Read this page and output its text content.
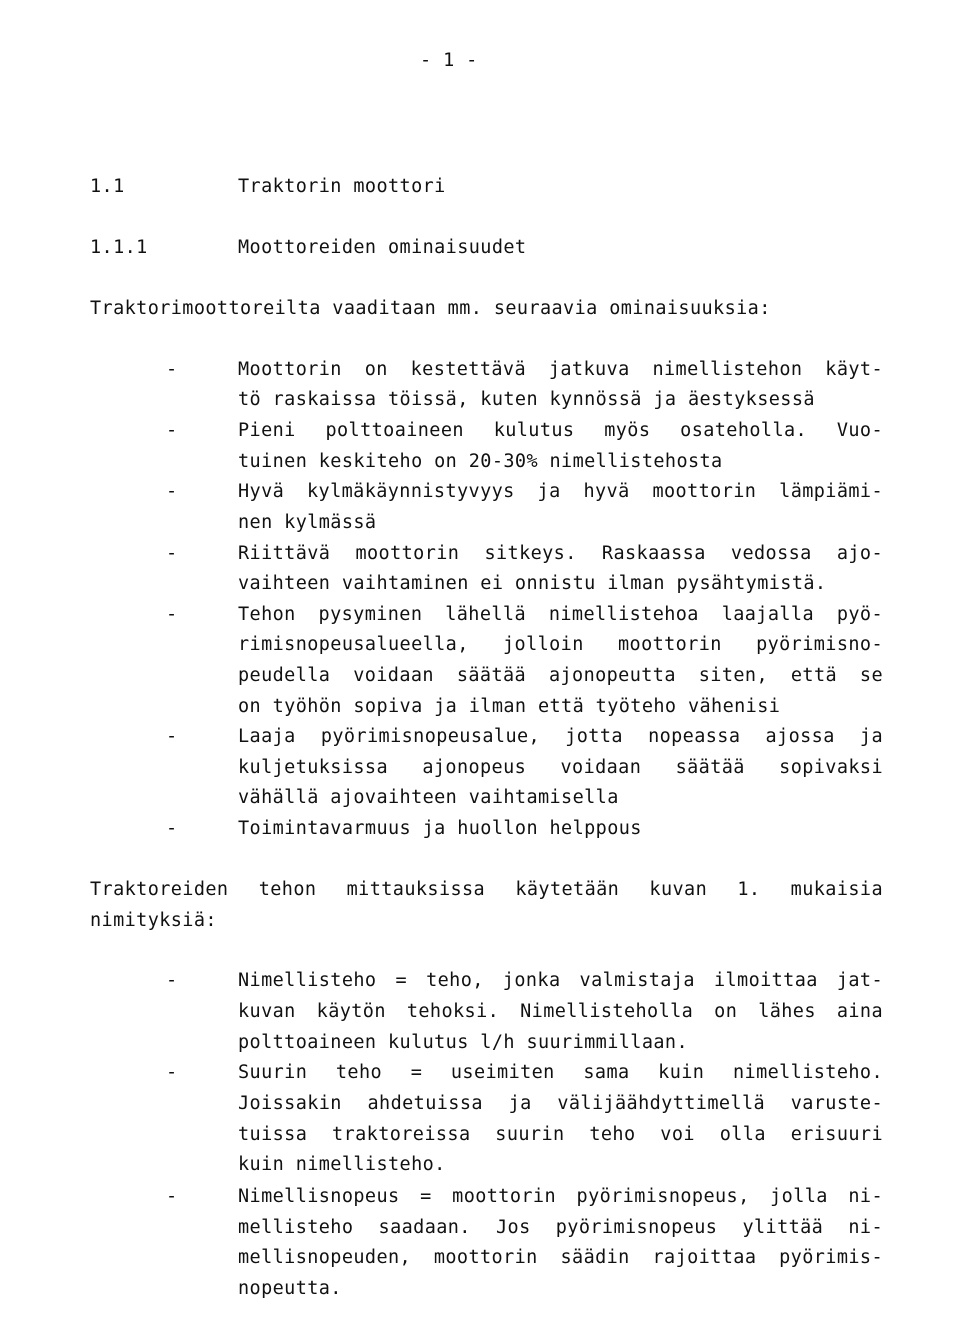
- 1 -
1.1	Traktorin moottori
1.1.1	Moottoreiden ominaisuudet
Traktorimoottoreilta vaaditaan mm. seuraavia ominaisuuksia:
-	Moottorin on kestettävä jatkuva nimellistehon käyt-
tö raskaissa töissä, kuten kynnössä ja äestyksessä
-	Pieni polttoaineen kulutus myös osateholla. Vuo-
tuinen keskiteho on 20-30% nimellistehosta
-	Hyvä kylmäkäynnistyvyys ja hyvä moottorin lämpiämi-
nen kylmässä
-	Riittävä moottorin sitkeys. Raskaassa vedossa ajo-
vaihteen vaihtaminen ei onnistu ilman pysähtymistä.
-	Tehon pysyminen lähellä nimellistehoa laajalla pyö-
rimisnopeusalueella, jolloin moottorin pyörimisno-
peudella voidaan säätää ajonopeutta siten, että se
on työhön sopiva ja ilman että työteho vähenisi
-	Laaja pyörimisnopeusalue, jotta nopeassa ajossa ja
kuljetuksissa ajonopeus voidaan säätää sopivaksi
vähällä ajovaihteen vaihtamisella
-	Toimintavarmuus ja huollon helppous
Traktoreiden tehon mittauksissa käytetään kuvan 1. mukaisia
nimityksiä:
-	Nimellisteho = teho, jonka valmistaja ilmoittaa jat-
kuvan käytön tehoksi. Nimellisteholla on lähes aina
polttoaineen kulutus l/h suurimmillaan.
-	Suurin teho = useimiten sama kuin nimellisteho.
Joissakin ahdetuissa ja välijäähdyttimellä varuste-
tuissa traktoreissa suurin teho voi olla erisuuri
kuin nimellisteho.
-	Nimellisnopeus = moottorin pyörimisnopeus, jolla ni-
mellisteho saadaan. Jos pyörimisnopeus ylittää ni-
mellisnopeuden, moottorin säädin rajoittaa pyörimis-
nopeutta.
